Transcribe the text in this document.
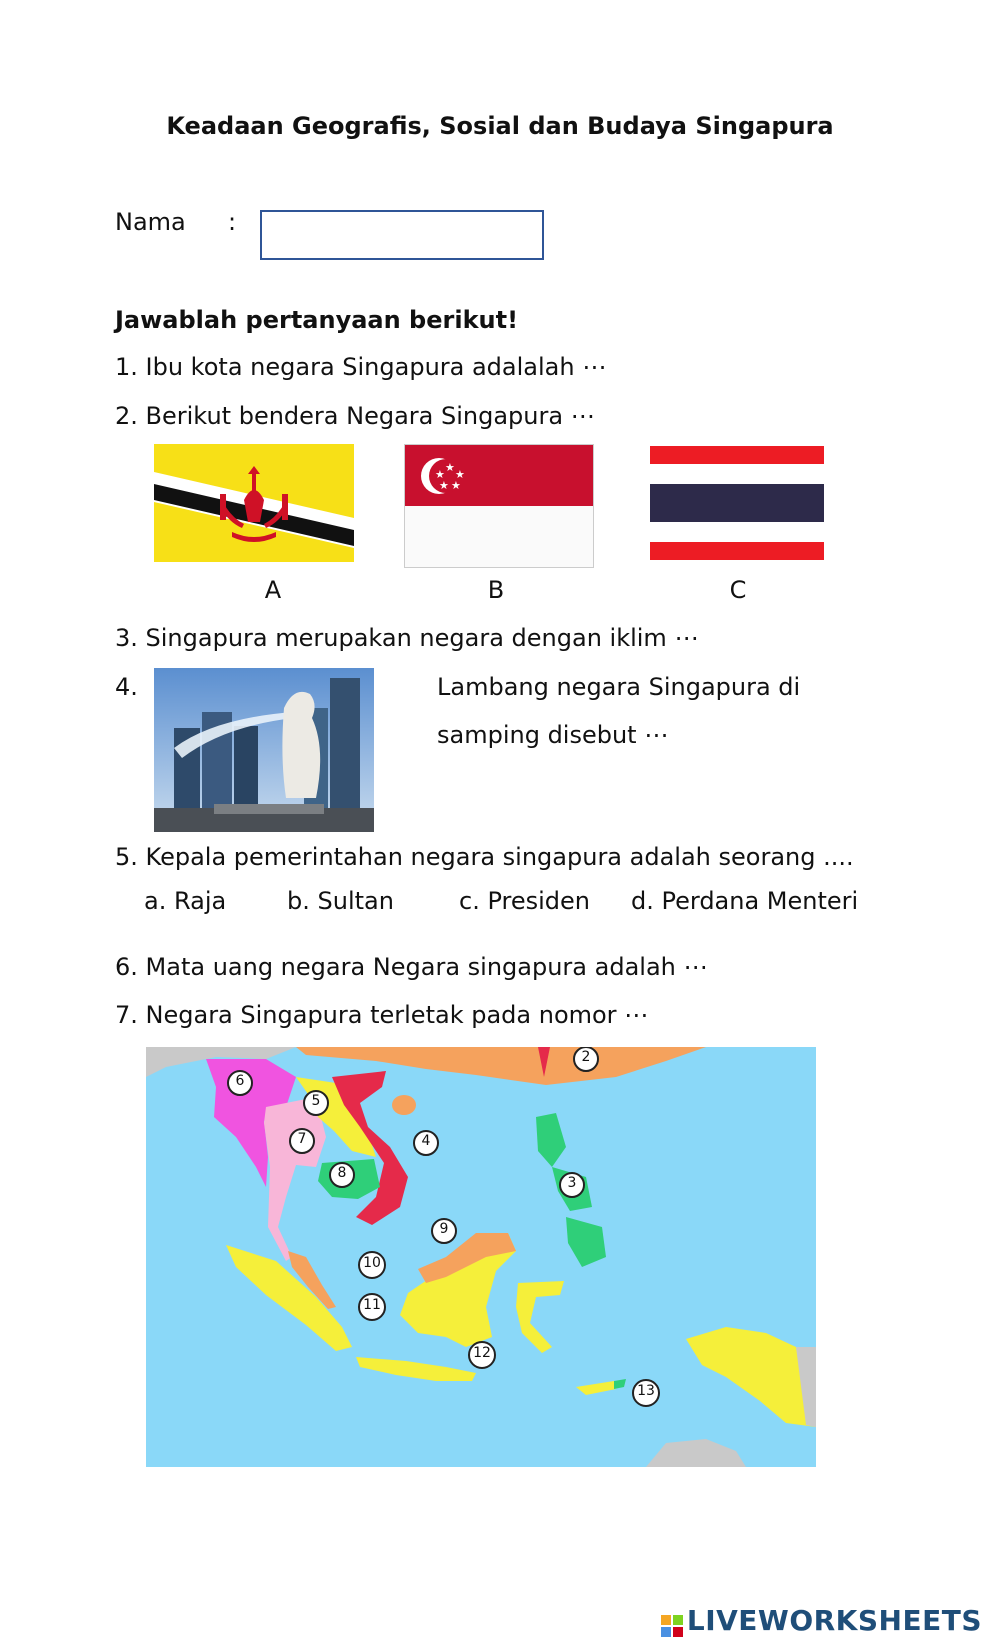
Keadaan Geografis, Sosial dan Budaya Singapura
Nama :
Jawablah pertanyaan berikut!
1. Ibu kota negara Singapura adalalah ⋯
2. Berikut bendera Negara Singapura ⋯
★
★
★
★ ★
A	B	C
3. Singapura merupakan negara dengan iklim ⋯
4.	Lambang negara Singapura di
samping disebut ⋯
5. Kepala pemerintahan negara singapura adalah seorang ....
a. Raja	b. Sultan	c. Presiden d. Perdana Menteri
6. Mata uang negara Negara singapura adalah ⋯
7. Negara Singapura terletak pada nomor ⋯
2
3
4
5
6
7
8
9
10
11
12
13
LIVEWORKSHEETS
